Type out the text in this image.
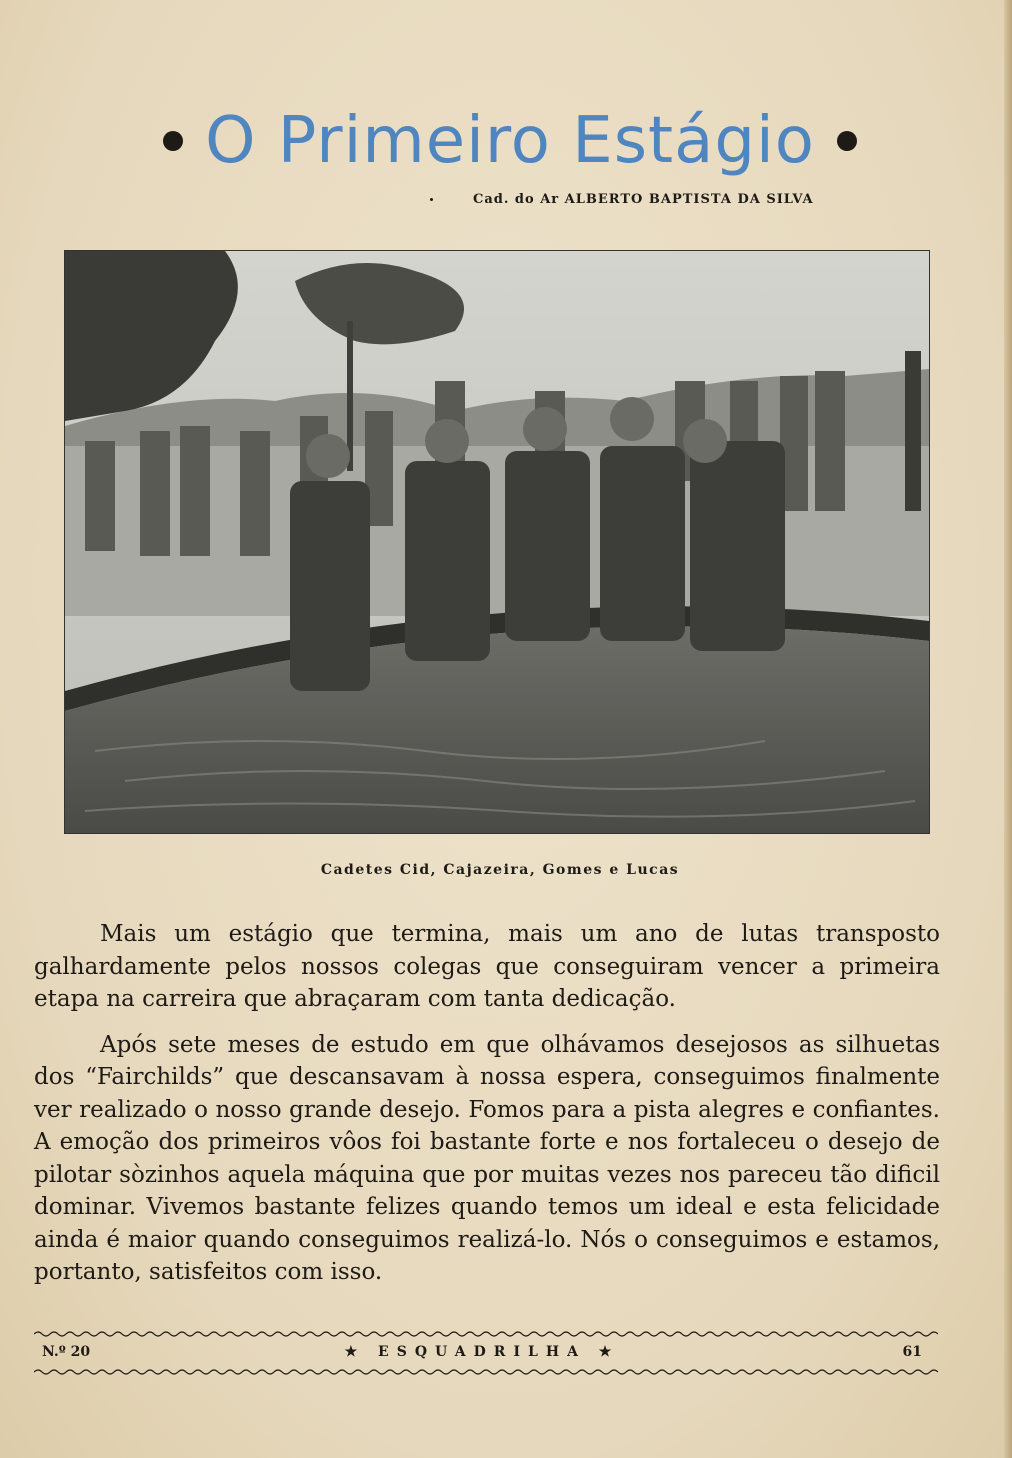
O Primeiro Estágio
Cad. do Ar ALBERTO BAPTISTA DA SILVA
Cadetes Cid, Cajazeira, Gomes e Lucas

Mais um estágio que termina, mais um ano de lutas transposto galhardamente pelos nossos colegas que conseguiram vencer a primeira etapa na carreira que abraçaram com tanta dedicação.

Após sete meses de estudo em que olhávamos desejosos as silhuetas dos “Fairchilds” que descansavam à nossa espera, conseguimos finalmente ver realizado o nosso grande desejo. Fomos para a pista alegres e confiantes. A emoção dos primeiros vôos foi bastante forte e nos fortaleceu o desejo de pilotar sòzinhos aquela máquina que por muitas vezes nos pareceu tão dificil dominar. Vivemos bastante felizes quando temos um ideal e esta felicidade ainda é maior quando conseguimos realizá-lo. Nós o conseguimos e estamos, portanto, satisfeitos com isso.

N.º 20	★ ESQUADRILHA ★	61
